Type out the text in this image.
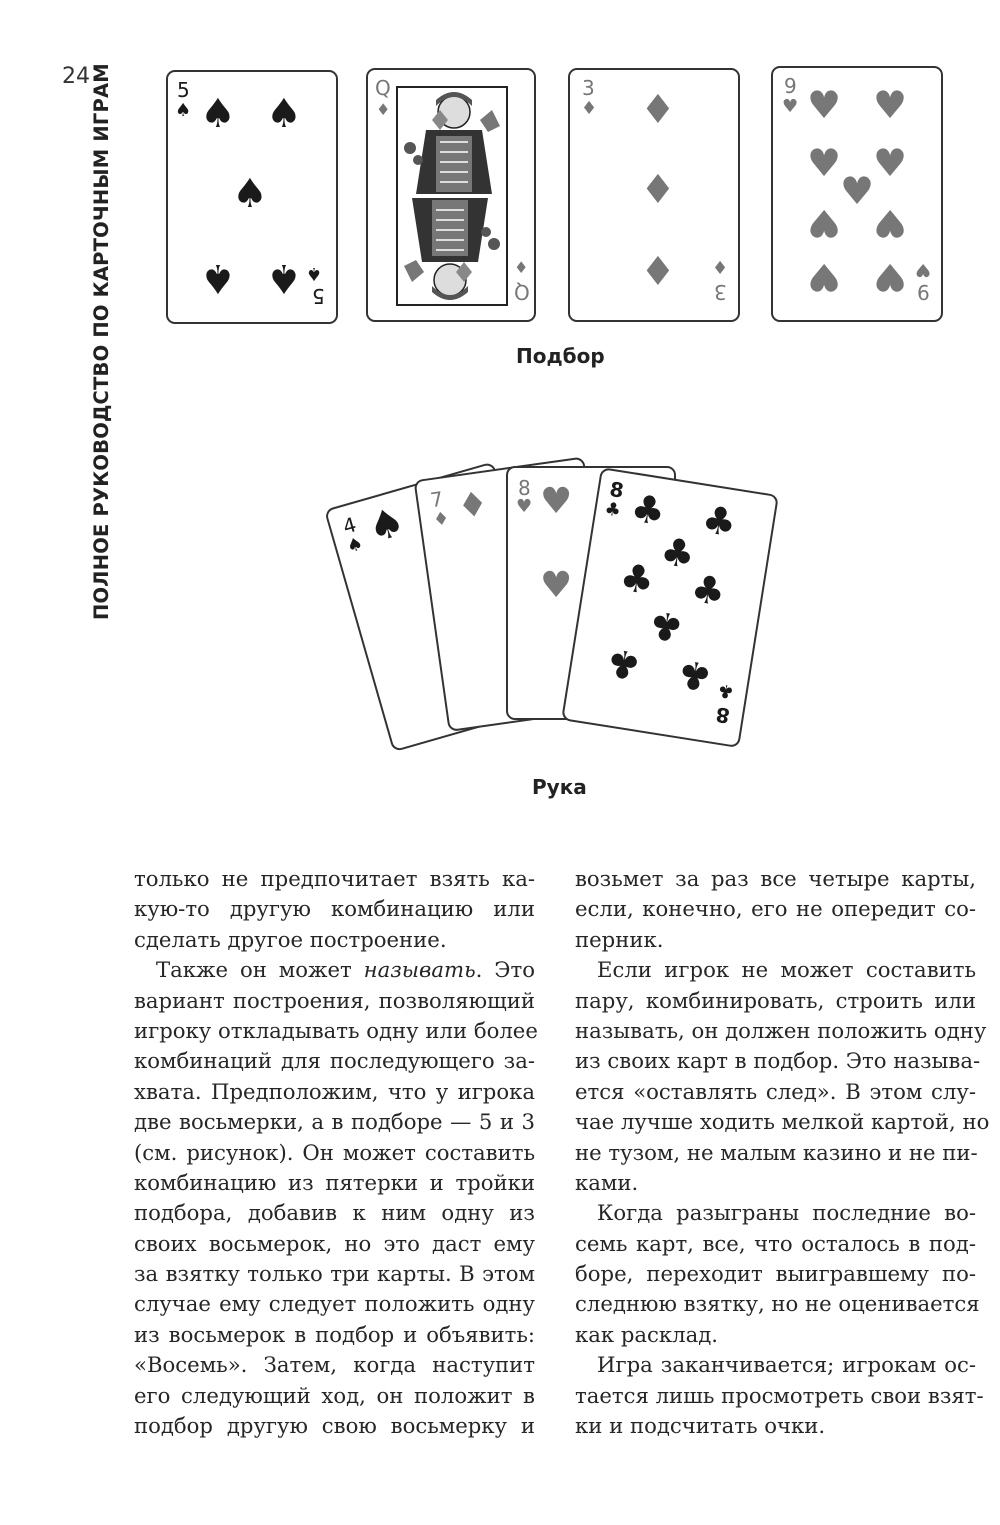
24 ПОЛНОЕ РУКОВОДСТВО ПО КАРТОЧНЫМ ИГРАМ	5
♠ ♠ ♠
♠
♠ ♠ ♠
5
Q
♦
♦
Q
3
♦ ♦
♦
♦ ♦
3
9
♥ ♥ ♥
♥ ♥
♥
♥ ♥
♥ ♥ ♥
9
Подбор
4
♠
♠ 7
♦ ♦ 8
♥ ♥
♥
8
♣ ♣ ♣
♣
♣ ♣
♣
♣ ♣ ♣
8
Рука
только не предпочитает взять ка-
кую-то другую комбинацию или
сделать другое построение.
Также он может называть. Это
вариант построения, позволяющий
игроку откладывать одну или более
комбинаций для последующего за-
хвата. Предположим, что у игрока
две восьмерки, а в подборе — 5 и 3
(см. рисунок). Он может составить
комбинацию из пятерки и тройки
подбора, добавив к ним одну из
своих восьмерок, но это даст ему
за взятку только три карты. В этом
случае ему следует положить одну
из восьмерок в подбор и объявить:
«Восемь». Затем, когда наступит
его следующий ход, он положит в
подбор другую свою восьмерку и
возьмет за раз все четыре карты,
если, конечно, его не опередит со-
перник.
Если игрок не может составить
пару, комбинировать, строить или
называть, он должен положить одну
из своих карт в подбор. Это называ-
ется «оставлять след». В этом слу-
чае лучше ходить мелкой картой, но
не тузом, не малым казино и не пи-
ками.
Когда разыграны последние во-
семь карт, все, что осталось в под-
боре, переходит выигравшему по-
следнюю взятку, но не оценивается
как расклад.
Игра заканчивается; игрокам ос-
тается лишь просмотреть свои взят-
ки и подсчитать очки.
